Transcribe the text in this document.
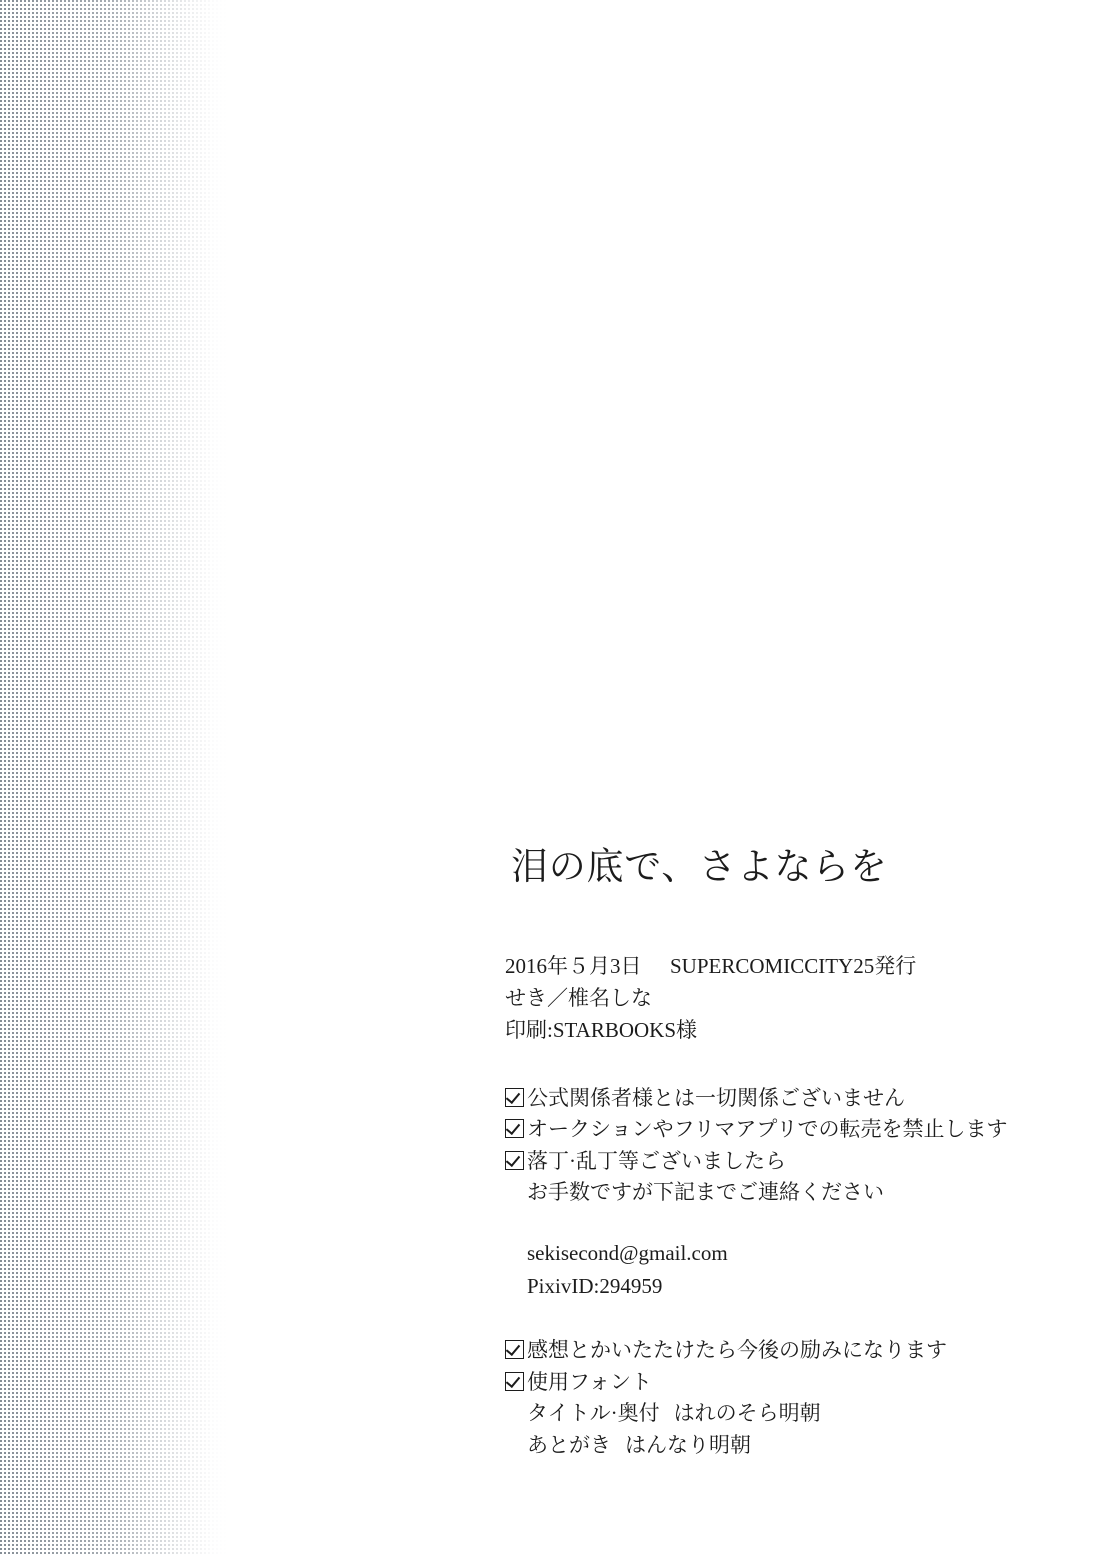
泪の底で、さよならを
2016年５月3日 SUPERCOMICCITY25発行
せき／椎名しな
印刷:STARBOOKS様
公式関係者様とは一切関係ございません
オークションやフリマアプリでの転売を禁止します
落丁·乱丁等ございましたら
お手数ですが下記までご連絡ください
sekisecond@gmail.com
PixivID:294959
感想とかいたたけたら今後の励みになります
使用フォント
タイトル·奥付 はれのそら明朝
あとがき はんなり明朝
